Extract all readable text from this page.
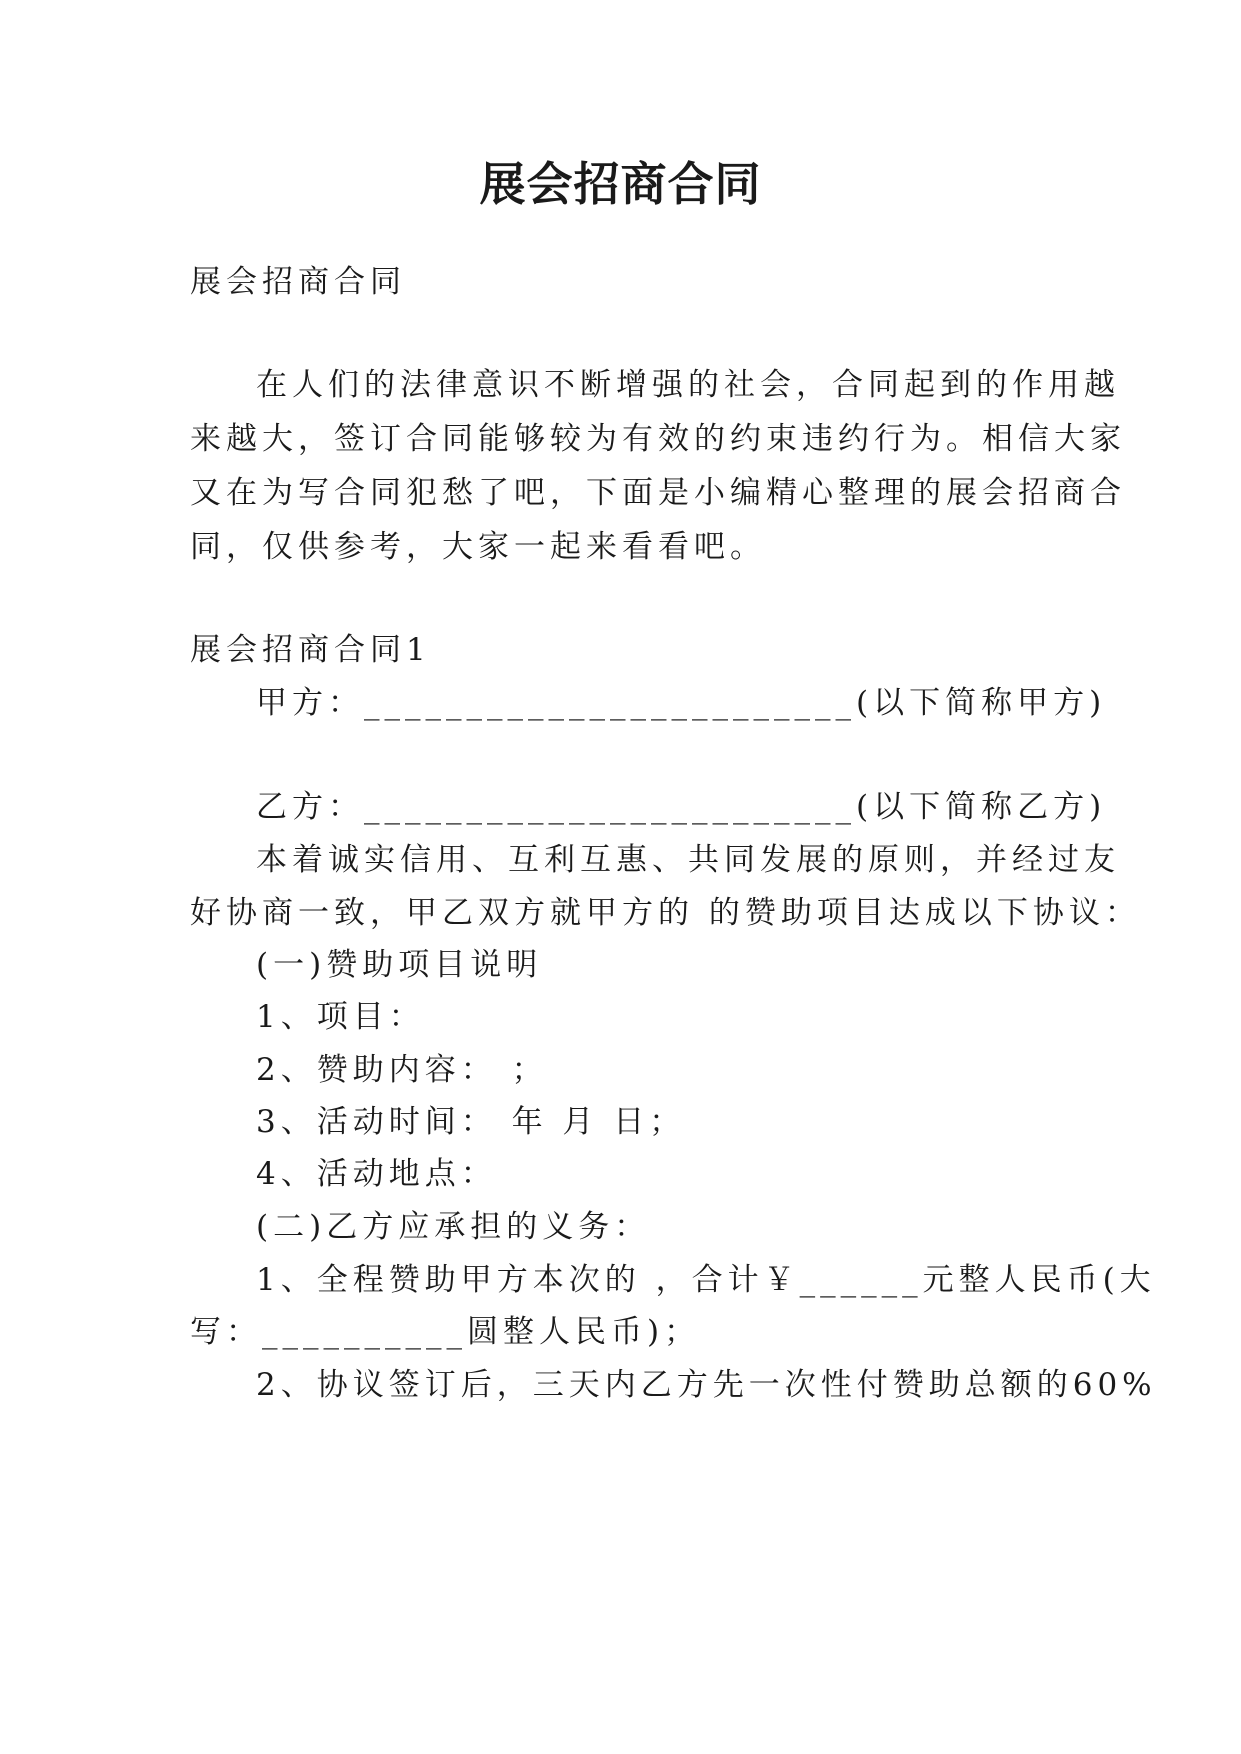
展会招商合同
展会招商合同
在人们的法律意识不断增强的社会，合同起到的作用越
来越大，签订合同能够较为有效的约束违约行为。相信大家
又在为写合同犯愁了吧，下面是小编精心整理的展会招商合
同，仅供参考，大家一起来看看吧。
展会招商合同1
甲方：________________________(以下简称甲方)
乙方：________________________(以下简称乙方)
本着诚实信用、互利互惠、共同发展的原则，并经过友
好协商一致，甲乙双方就甲方的 的赞助项目达成以下协议：
(一)赞助项目说明
1、项目：
2、赞助内容： ；
3、活动时间： 年 月 日；
4、活动地点：
(二)乙方应承担的义务：
1、全程赞助甲方本次的 ，合计￥______元整人民币(大
写：__________圆整人民币)；
2、协议签订后，三天内乙方先一次性付赞助总额的60%
